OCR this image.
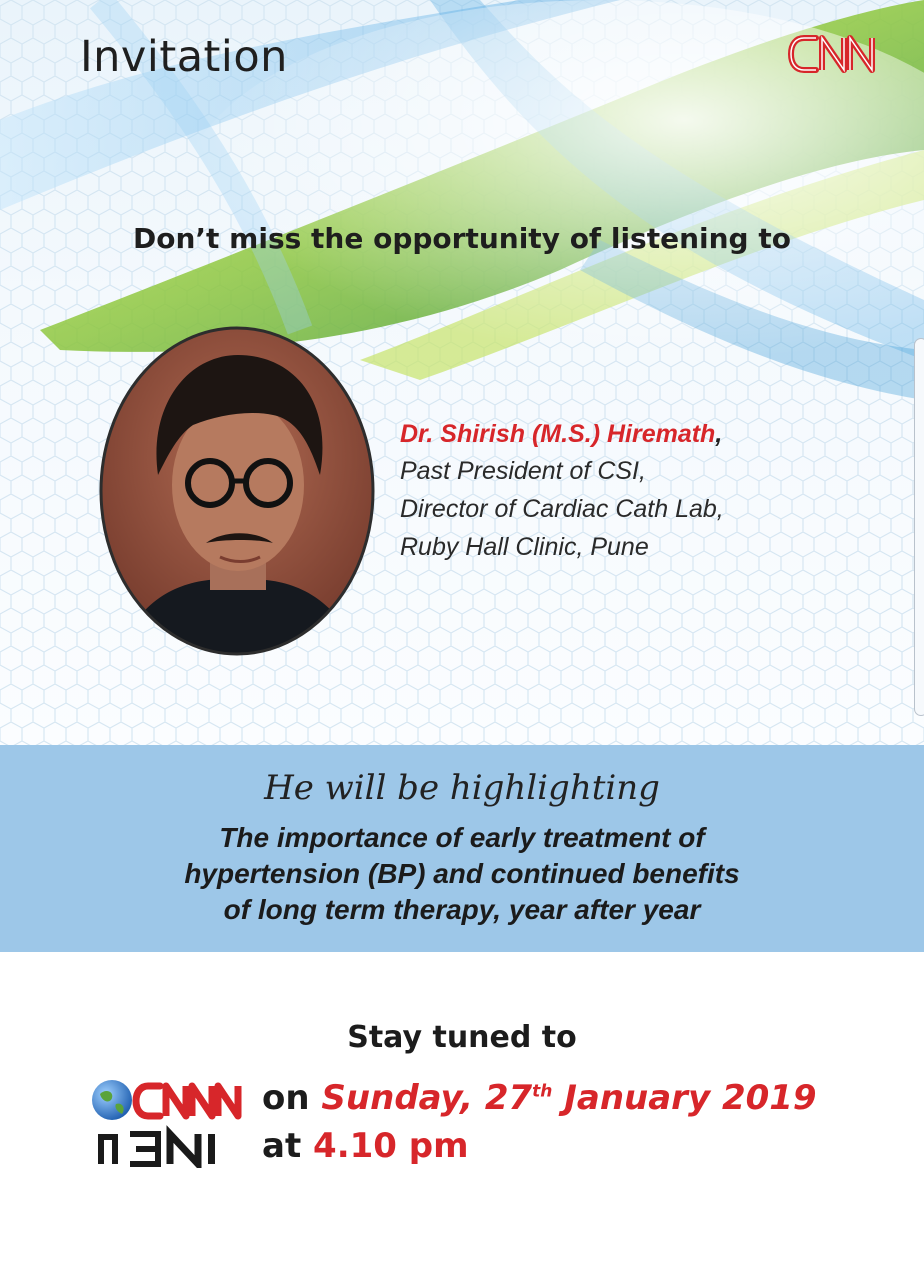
Invitation
Don’t miss the opportunity of listening to
Dr. Shirish (M.S.) Hiremath,
Past President of CSI,
Director of Cardiac Cath Lab,
Ruby Hall Clinic, Pune
He will be highlighting
The importance of early treatment of
hypertension (BP) and continued benefits
of long term therapy, year after year
Stay tuned to
on Sunday, 27th January 2019
at 4.10 pm
